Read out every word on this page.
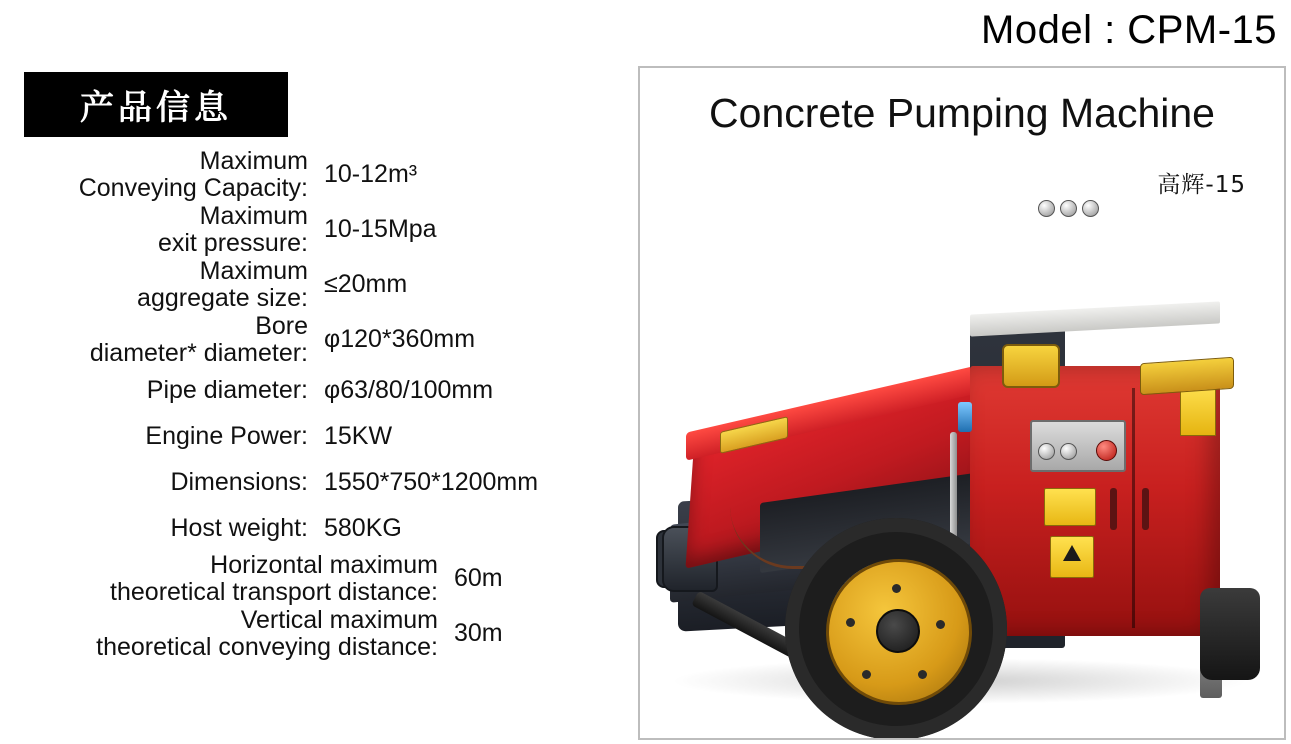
Model : CPM-15
产品信息
Maximum
Conveying Capacity: 10-12m³
Maximum
exit pressure: 10-15Mpa
Maximum
aggregate size: ≤20mm
Bore
diameter* diameter: φ120*360mm
Pipe diameter: φ63/80/100mm
Engine Power: 15KW
Dimensions: 1550*750*1200mm
Host weight: 580KG
Horizontal maximum
theoretical transport distance: 60m
Vertical maximum
theoretical conveying distance: 30m
Concrete Pumping Machine
高辉-15
